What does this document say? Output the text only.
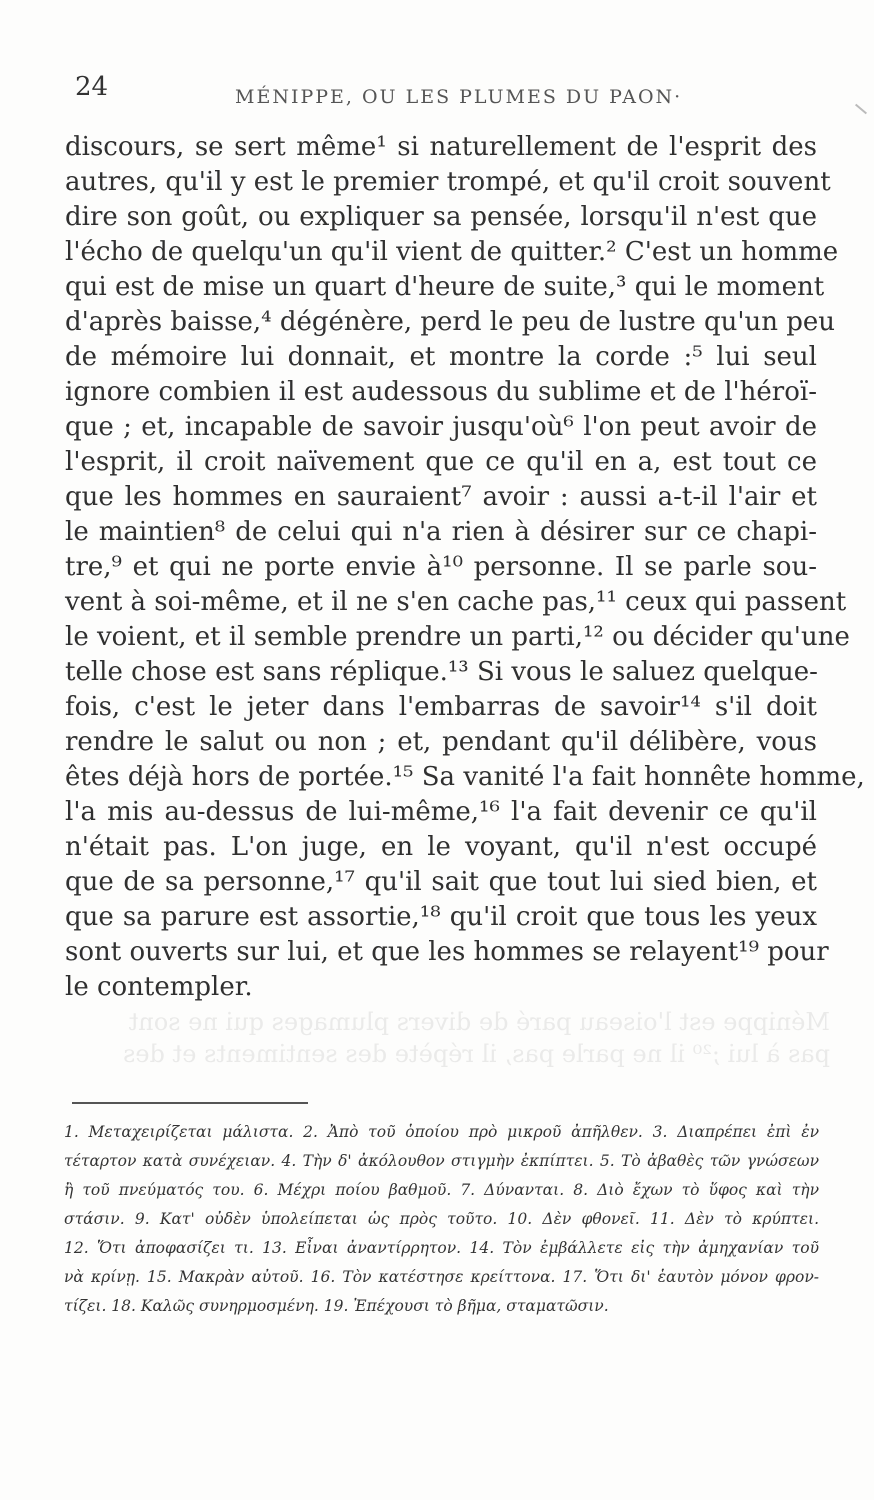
Ménippe est l'oiseau paré de divers plumages qui ne sont
pas à lui ;²⁰ il ne parle pas, il répète des sentiments et des
24	MÉNIPPE, OU LES PLUMES DU PAON·
discours, se sert même¹ si naturellement de l'esprit des
autres, qu'il y est le premier trompé, et qu'il croit souvent
dire son goût, ou expliquer sa pensée, lorsqu'il n'est que
l'écho de quelqu'un qu'il vient de quitter.² C'est un homme
qui est de mise un quart d'heure de suite,³ qui le moment
d'après baisse,⁴ dégénère, perd le peu de lustre qu'un peu
de mémoire lui donnait, et montre la corde :⁵ lui seul
ignore combien il est audessous du sublime et de l'héroï-
que ; et, incapable de savoir jusqu'où⁶ l'on peut avoir de
l'esprit, il croit naïvement que ce qu'il en a, est tout ce
que les hommes en sauraient⁷ avoir : aussi a-t-il l'air et
le maintien⁸ de celui qui n'a rien à désirer sur ce chapi-
tre,⁹ et qui ne porte envie à¹⁰ personne. Il se parle sou-
vent à soi-même, et il ne s'en cache pas,¹¹ ceux qui passent
le voient, et il semble prendre un parti,¹² ou décider qu'une
telle chose est sans réplique.¹³ Si vous le saluez quelque-
fois, c'est le jeter dans l'embarras de savoir¹⁴ s'il doit
rendre le salut ou non ; et, pendant qu'il délibère, vous
êtes déjà hors de portée.¹⁵ Sa vanité l'a fait honnête homme,
l'a mis au-dessus de lui-même,¹⁶ l'a fait devenir ce qu'il
n'était pas. L'on juge, en le voyant, qu'il n'est occupé
que de sa personne,¹⁷ qu'il sait que tout lui sied bien, et
que sa parure est assortie,¹⁸ qu'il croit que tous les yeux
sont ouverts sur lui, et que les hommes se relayent¹⁹ pour
le contempler.
1. Μεταχειρίζεται μάλιστα. 2. Ἀπὸ τοῦ ὁποίου πρὸ μικροῦ ἀπῆλθεν. 3. Διαπρέπει ἐπὶ ἐν
τέταρτον κατὰ συνέχειαν. 4. Τὴν δ' ἀκόλουθον στιγμὴν ἐκπίπτει. 5. Τὸ ἀβαθὲς τῶν γνώσεων
ἢ τοῦ πνεύματός του. 6. Μέχρι ποίου βαθμοῦ. 7. Δύνανται. 8. Διὸ ἔχων τὸ ὕφος καὶ τὴν
στάσιν. 9. Κατ' οὐδὲν ὑπολείπεται ὡς πρὸς τοῦτο. 10. Δὲν φθονεῖ. 11. Δὲν τὸ κρύπτει.
12. Ὅτι ἀποφασίζει τι. 13. Εἶναι ἀναντίρρητον. 14. Τὸν ἐμβάλλετε εἰς τὴν ἀμηχανίαν τοῦ
νὰ κρίνῃ. 15. Μακρὰν αὐτοῦ. 16. Τὸν κατέστησε κρείττονα. 17. Ὅτι δι' ἑαυτὸν μόνον φρον-
τίζει. 18. Καλῶς συνηρμοσμένη. 19. Ἐπέχουσι τὸ βῆμα, σταματῶσιν.
